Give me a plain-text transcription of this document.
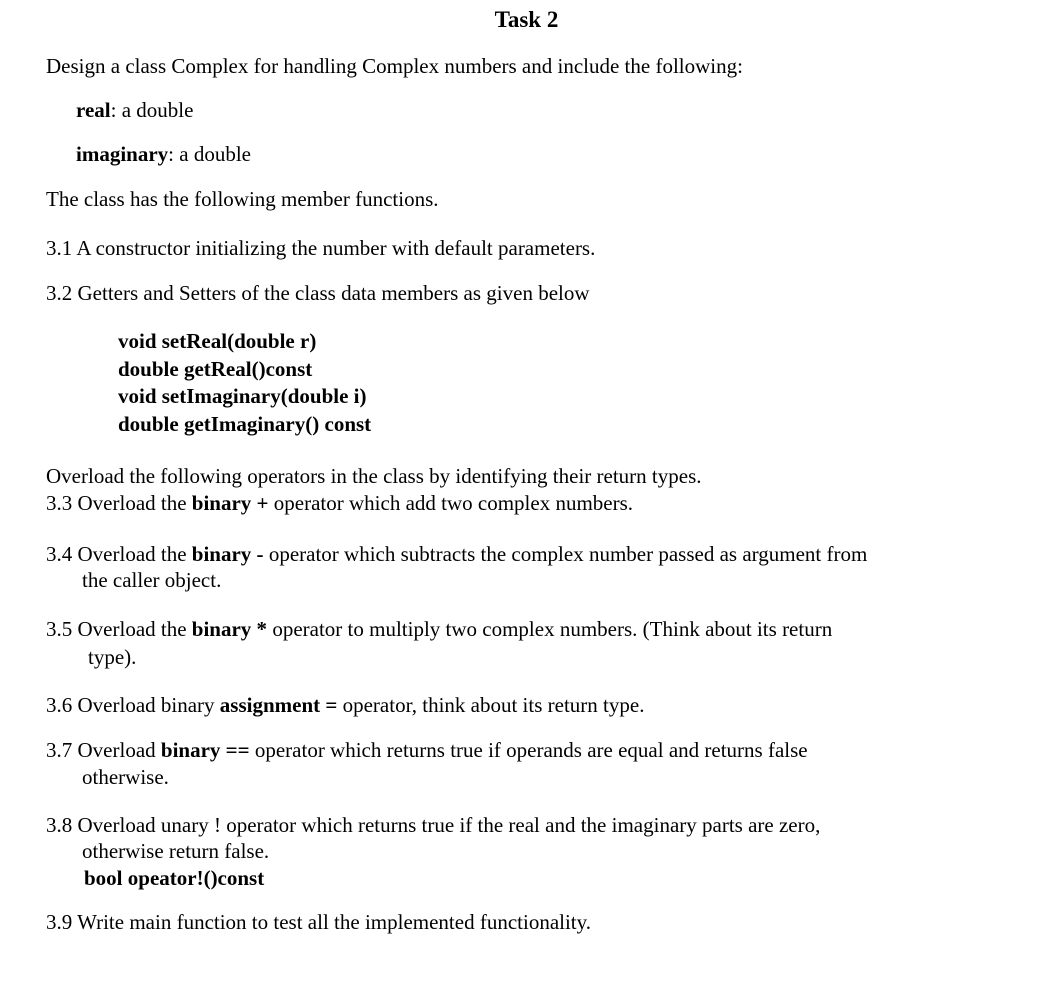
Task 2
Design a class Complex for handling Complex numbers and include the following:
real: a double
imaginary: a double
The class has the following member functions.
3.1 A constructor initializing the number with default parameters.
3.2 Getters and Setters of the class data members as given below
void setReal(double r)
double getReal()const
void setImaginary(double i)
double getImaginary() const
Overload the following operators in the class by identifying their return types.
3.3 Overload the binary + operator which add two complex numbers.
3.4 Overload the binary - operator which subtracts the complex number passed as argument from
the caller object.
3.5 Overload the binary * operator to multiply two complex numbers. (Think about its return
type).
3.6 Overload binary assignment = operator, think about its return type.
3.7 Overload binary == operator which returns true if operands are equal and returns false
otherwise.
3.8 Overload unary ! operator which returns true if the real and the imaginary parts are zero,
otherwise return false.
bool opeator!()const
3.9 Write main function to test all the implemented functionality.
